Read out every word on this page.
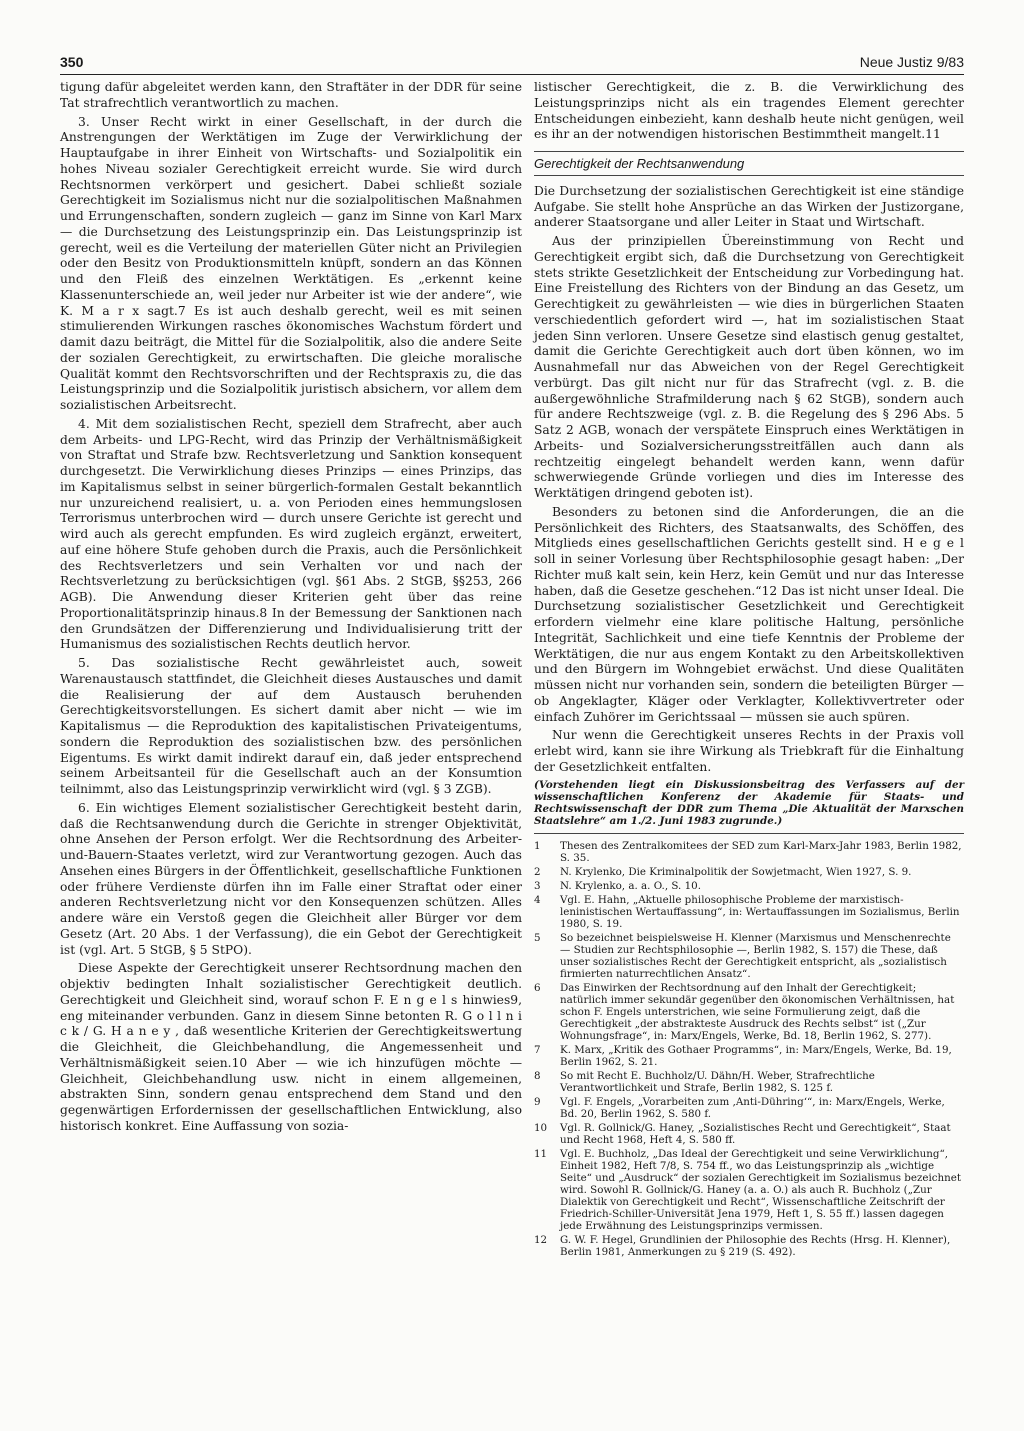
350	Neue Justiz 9/83

tigung dafür abgeleitet werden kann, den Straftäter in der DDR für seine Tat strafrechtlich verantwortlich zu machen.

3. Unser Recht wirkt in einer Gesellschaft, in der durch die Anstrengungen der Werktätigen im Zuge der Verwirklichung der Hauptaufgabe in ihrer Einheit von Wirtschafts- und Sozialpolitik ein hohes Niveau sozialer Gerechtigkeit erreicht wurde. Sie wird durch Rechtsnormen verkörpert und gesichert. Dabei schließt soziale Gerechtigkeit im Sozialismus nicht nur die sozialpolitischen Maßnahmen und Errungenschaften, sondern zugleich — ganz im Sinne von Karl Marx — die Durchsetzung des Leistungsprinzip ein. Das Leistungsprinzip ist gerecht, weil es die Verteilung der materiellen Güter nicht an Privilegien oder den Besitz von Produktionsmitteln knüpft, sondern an das Können und den Fleiß des einzelnen Werktätigen. Es „erkennt keine Klassenunterschiede an, weil jeder nur Arbeiter ist wie der andere“, wie K. M a r x sagt.7 Es ist auch deshalb gerecht, weil es mit seinen stimulierenden Wirkungen rasches ökonomisches Wachstum fördert und damit dazu beiträgt, die Mittel für die Sozialpolitik, also die andere Seite der sozialen Gerechtigkeit, zu erwirtschaften. Die gleiche moralische Qualität kommt den Rechtsvorschriften und der Rechtspraxis zu, die das Leistungsprinzip und die Sozialpolitik juristisch absichern, vor allem dem sozialistischen Arbeitsrecht.

4. Mit dem sozialistischen Recht, speziell dem Strafrecht, aber auch dem Arbeits- und LPG-Recht, wird das Prinzip der Verhältnismäßigkeit von Straftat und Strafe bzw. Rechtsverletzung und Sanktion konsequent durchgesetzt. Die Verwirklichung dieses Prinzips — eines Prinzips, das im Kapitalismus selbst in seiner bürgerlich-formalen Gestalt bekanntlich nur unzureichend realisiert, u. a. von Perioden eines hemmungslosen Terrorismus unterbrochen wird — durch unsere Gerichte ist gerecht und wird auch als gerecht empfunden. Es wird zugleich ergänzt, erweitert, auf eine höhere Stufe gehoben durch die Praxis, auch die Persönlichkeit des Rechtsverletzers und sein Verhalten vor und nach der Rechtsverletzung zu berücksichtigen (vgl. §61 Abs. 2 StGB, §§253, 266 AGB). Die Anwendung dieser Kriterien geht über das reine Proportionalitätsprinzip hinaus.8 In der Bemessung der Sanktionen nach den Grundsätzen der Differenzierung und Individualisierung tritt der Humanismus des sozialistischen Rechts deutlich hervor.

5. Das sozialistische Recht gewährleistet auch, soweit Warenaustausch stattfindet, die Gleichheit dieses Austausches und damit die Realisierung der auf dem Austausch beruhenden Gerechtigkeitsvorstellungen. Es sichert damit aber nicht — wie im Kapitalismus — die Reproduktion des kapitalistischen Privateigentums, sondern die Reproduktion des sozialistischen bzw. des persönlichen Eigentums. Es wirkt damit indirekt darauf ein, daß jeder entsprechend seinem Arbeitsanteil für die Gesellschaft auch an der Konsumtion teilnimmt, also das Leistungsprinzip verwirklicht wird (vgl. § 3 ZGB).

6. Ein wichtiges Element sozialistischer Gerechtigkeit besteht darin, daß die Rechtsanwendung durch die Gerichte in strenger Objektivität, ohne Ansehen der Person erfolgt. Wer die Rechtsordnung des Arbeiter-und-Bauern-Staates verletzt, wird zur Verantwortung gezogen. Auch das Ansehen eines Bürgers in der Öffentlichkeit, gesellschaftliche Funktionen oder frühere Verdienste dürfen ihn im Falle einer Straftat oder einer anderen Rechtsverletzung nicht vor den Konsequenzen schützen. Alles andere wäre ein Verstoß gegen die Gleichheit aller Bürger vor dem Gesetz (Art. 20 Abs. 1 der Verfassung), die ein Gebot der Gerechtigkeit ist (vgl. Art. 5 StGB, § 5 StPO).

Diese Aspekte der Gerechtigkeit unserer Rechtsordnung machen den objektiv bedingten Inhalt sozialistischer Gerechtigkeit deutlich. Gerechtigkeit und Gleichheit sind, worauf schon F. E n g e l s hinwies9, eng miteinander verbunden. Ganz in diesem Sinne betonten R. G o l l n i c k / G. H a n e y , daß wesentliche Kriterien der Gerechtigkeitswertung die Gleichheit, die Gleichbehandlung, die Angemessenheit und Verhältnismäßigkeit seien.10 Aber — wie ich hinzufügen möchte — Gleichheit, Gleichbehandlung usw. nicht in einem allgemeinen, abstrakten Sinn, sondern genau entsprechend dem Stand und den gegenwärtigen Erfordernissen der gesellschaftlichen Entwicklung, also historisch konkret. Eine Auffassung von sozia-

listischer Gerechtigkeit, die z. B. die Verwirklichung des Leistungsprinzips nicht als ein tragendes Element gerechter Entscheidungen einbezieht, kann deshalb heute nicht genügen, weil es ihr an der notwendigen historischen Bestimmtheit mangelt.11

Gerechtigkeit der Rechtsanwendung

Die Durchsetzung der sozialistischen Gerechtigkeit ist eine ständige Aufgabe. Sie stellt hohe Ansprüche an das Wirken der Justizorgane, anderer Staatsorgane und aller Leiter in Staat und Wirtschaft.

Aus der prinzipiellen Übereinstimmung von Recht und Gerechtigkeit ergibt sich, daß die Durchsetzung von Gerechtigkeit stets strikte Gesetzlichkeit der Entscheidung zur Vorbedingung hat. Eine Freistellung des Richters von der Bindung an das Gesetz, um Gerechtigkeit zu gewährleisten — wie dies in bürgerlichen Staaten verschiedentlich gefordert wird —, hat im sozialistischen Staat jeden Sinn verloren. Unsere Gesetze sind elastisch genug gestaltet, damit die Gerichte Gerechtigkeit auch dort üben können, wo im Ausnahmefall nur das Abweichen von der Regel Gerechtigkeit verbürgt. Das gilt nicht nur für das Strafrecht (vgl. z. B. die außergewöhnliche Strafmilderung nach § 62 StGB), sondern auch für andere Rechtszweige (vgl. z. B. die Regelung des § 296 Abs. 5 Satz 2 AGB, wonach der verspätete Einspruch eines Werktätigen in Arbeits- und Sozialversicherungsstreitfällen auch dann als rechtzeitig eingelegt behandelt werden kann, wenn dafür schwerwiegende Gründe vorliegen und dies im Interesse des Werktätigen dringend geboten ist).

Besonders zu betonen sind die Anforderungen, die an die Persönlichkeit des Richters, des Staatsanwalts, des Schöffen, des Mitglieds eines gesellschaftlichen Gerichts gestellt sind. H e g e l soll in seiner Vorlesung über Rechtsphilosophie gesagt haben: „Der Richter muß kalt sein, kein Herz, kein Gemüt und nur das Interesse haben, daß die Gesetze geschehen.“12 Das ist nicht unser Ideal. Die Durchsetzung sozialistischer Gesetzlichkeit und Gerechtigkeit erfordern vielmehr eine klare politische Haltung, persönliche Integrität, Sachlichkeit und eine tiefe Kenntnis der Probleme der Werktätigen, die nur aus engem Kontakt zu den Arbeitskollektiven und den Bürgern im Wohngebiet erwächst. Und diese Qualitäten müssen nicht nur vorhanden sein, sondern die beteiligten Bürger — ob Angeklagter, Kläger oder Verklagter, Kollektivvertreter oder einfach Zuhörer im Gerichtssaal — müssen sie auch spüren.

Nur wenn die Gerechtigkeit unseres Rechts in der Praxis voll erlebt wird, kann sie ihre Wirkung als Triebkraft für die Einhaltung der Gesetzlichkeit entfalten.

(Vorstehenden liegt ein Diskussionsbeitrag des Verfassers auf der wissenschaftlichen Konferenz der Akademie für Staats- und Rechtswissenschaft der DDR zum Thema „Die Aktualität der Marxschen Staatslehre“ am 1./2. Juni 1983 zugrunde.)

1	Thesen des Zentralkomitees der SED zum Karl-Marx-Jahr 1983, Berlin 1982, S. 35.
2	N. Krylenko, Die Kriminalpolitik der Sowjetmacht, Wien 1927, S. 9.
3	N. Krylenko, a. a. O., S. 10.
4	Vgl. E. Hahn, „Aktuelle philosophische Probleme der marxistisch-leninistischen Wertauffassung“, in: Wertauffassungen im Sozialismus, Berlin 1980, S. 19.
5	So bezeichnet beispielsweise H. Klenner (Marxismus und Menschenrechte — Studien zur Rechtsphilosophie —, Berlin 1982, S. 157) die These, daß unser sozialistisches Recht der Gerechtigkeit entspricht, als „sozialistisch firmierten naturrechtlichen Ansatz“.
6	Das Einwirken der Rechtsordnung auf den Inhalt der Gerechtigkeit; natürlich immer sekundär gegenüber den ökonomischen Verhältnissen, hat schon F. Engels unterstrichen, wie seine Formulierung zeigt, daß die Gerechtigkeit „der abstrakteste Ausdruck des Rechts selbst“ ist („Zur Wohnungsfrage“, in: Marx/Engels, Werke, Bd. 18, Berlin 1962, S. 277).
7	K. Marx, „Kritik des Gothaer Programms“, in: Marx/Engels, Werke, Bd. 19, Berlin 1962, S. 21.
8	So mit Recht E. Buchholz/U. Dähn/H. Weber, Strafrechtliche Verantwortlichkeit und Strafe, Berlin 1982, S. 125 f.
9	Vgl. F. Engels, „Vorarbeiten zum ‚Anti-Dühring‘“, in: Marx/Engels, Werke, Bd. 20, Berlin 1962, S. 580 f.
10	Vgl. R. Gollnick/G. Haney, „Sozialistisches Recht und Gerechtigkeit“, Staat und Recht 1968, Heft 4, S. 580 ff.
11	Vgl. E. Buchholz, „Das Ideal der Gerechtigkeit und seine Verwirklichung“, Einheit 1982, Heft 7/8, S. 754 ff., wo das Leistungsprinzip als „wichtige Seite“ und „Ausdruck“ der sozialen Gerechtigkeit im Sozialismus bezeichnet wird. Sowohl R. Gollnick/G. Haney (a. a. O.) als auch R. Buchholz („Zur Dialektik von Gerechtigkeit und Recht“, Wissenschaftliche Zeitschrift der Friedrich-Schiller-Universität Jena 1979, Heft 1, S. 55 ff.) lassen dagegen jede Erwähnung des Leistungsprinzips vermissen.
12	G. W. F. Hegel, Grundlinien der Philosophie des Rechts (Hrsg. H. Klenner), Berlin 1981, Anmerkungen zu § 219 (S. 492).
